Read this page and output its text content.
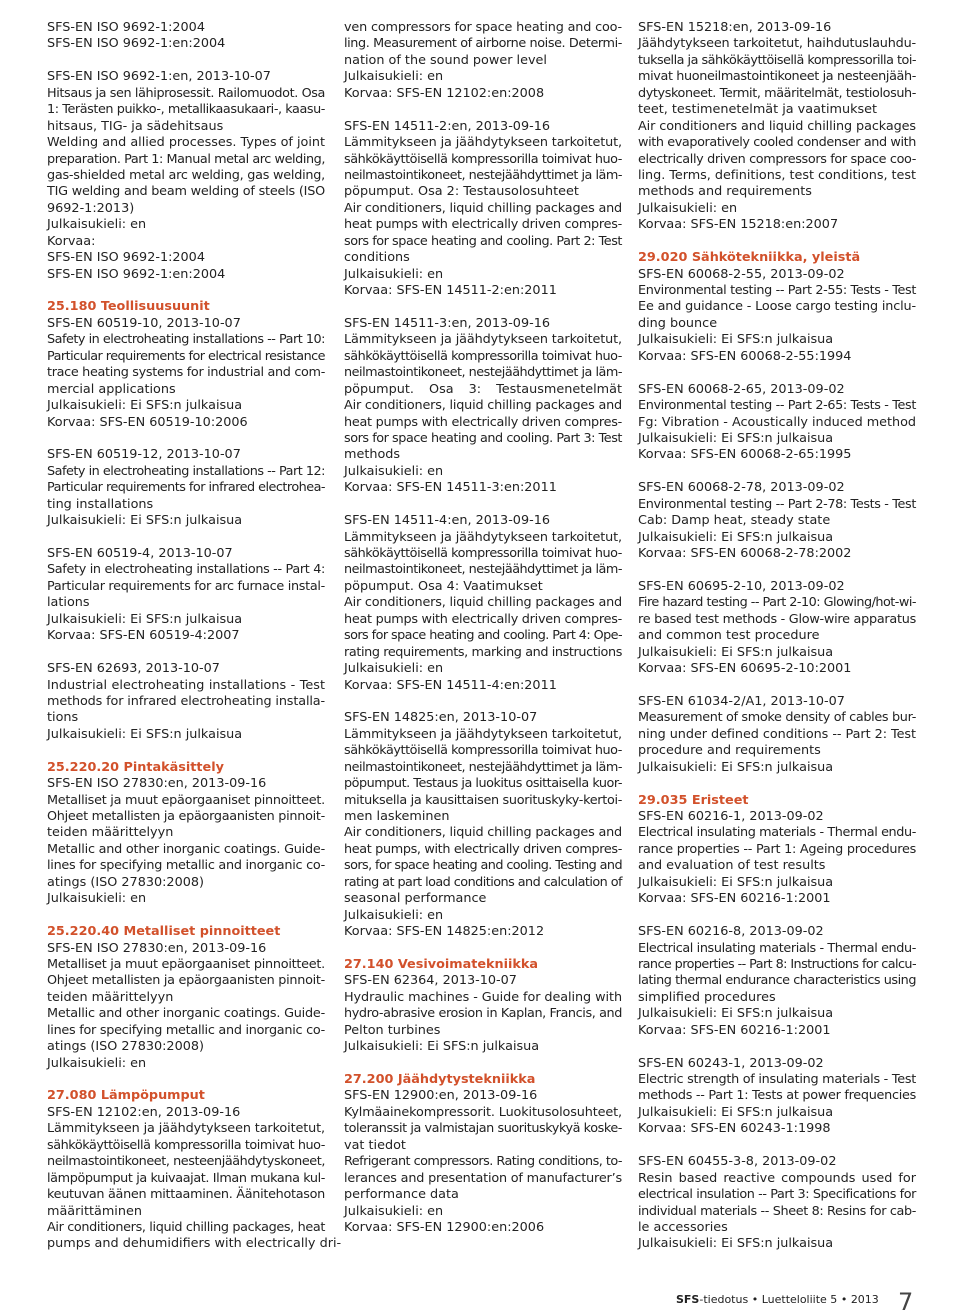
SFS-EN ISO 9692-1:2004
SFS-EN ISO 9692-1:en:2004
SFS-EN ISO 9692-1:en, 2013-10-07
Hitsaus ja sen lähiprosessit. Railomuodot. Osa
1: Terästen puikko-, metallikaasukaari-, kaasu-
hitsaus, TIG- ja sädehitsaus
Welding and allied processes. Types of joint
preparation. Part 1: Manual metal arc welding,
gas-shielded metal arc welding, gas welding,
TIG welding and beam welding of steels (ISO
9692-1:2013)
Julkaisukieli: en
Korvaa:
SFS-EN ISO 9692-1:2004
SFS-EN ISO 9692-1:en:2004
25.180 Teollisuusuunit
SFS-EN 60519-10, 2013-10-07
Safety in electroheating installations -- Part 10:
Particular requirements for electrical resistance
trace heating systems for industrial and com-
mercial applications
Julkaisukieli: Ei SFS:n julkaisua
Korvaa: SFS-EN 60519-10:2006
SFS-EN 60519-12, 2013-10-07
Safety in electroheating installations -- Part 12:
Particular requirements for infrared electrohea-
ting installations
Julkaisukieli: Ei SFS:n julkaisua
SFS-EN 60519-4, 2013-10-07
Safety in electroheating installations -- Part 4:
Particular requirements for arc furnace instal-
lations
Julkaisukieli: Ei SFS:n julkaisua
Korvaa: SFS-EN 60519-4:2007
SFS-EN 62693, 2013-10-07
Industrial electroheating installations - Test
methods for infrared electroheating installa-
tions
Julkaisukieli: Ei SFS:n julkaisua
25.220.20 Pintakäsittely
SFS-EN ISO 27830:en, 2013-09-16
Metalliset ja muut epäorgaaniset pinnoitteet.
Ohjeet metallisten ja epäorgaanisten pinnoit-
teiden määrittelyyn
Metallic and other inorganic coatings. Guide-
lines for specifying metallic and inorganic co-
atings (ISO 27830:2008)
Julkaisukieli: en
25.220.40 Metalliset pinnoitteet
SFS-EN ISO 27830:en, 2013-09-16
Metalliset ja muut epäorgaaniset pinnoitteet.
Ohjeet metallisten ja epäorgaanisten pinnoit-
teiden määrittelyyn
Metallic and other inorganic coatings. Guide-
lines for specifying metallic and inorganic co-
atings (ISO 27830:2008)
Julkaisukieli: en
27.080 Lämpöpumput
SFS-EN 12102:en, 2013-09-16
Lämmitykseen ja jäähdytykseen tarkoitetut,
sähkökäyttöisellä kompressorilla toimivat huo-
neilmastointikoneet, nesteenjäähdytyskoneet,
lämpöpumput ja kuivaajat. Ilman mukana kul-
keutuvan äänen mittaaminen. Äänitehotason
määrittäminen
Air conditioners, liquid chilling packages, heat
pumps and dehumidifiers with electrically dri-
ven compressors for space heating and coo-
ling. Measurement of airborne noise. Determi-
nation of the sound power level
Julkaisukieli: en
Korvaa: SFS-EN 12102:en:2008
SFS-EN 14511-2:en, 2013-09-16
Lämmitykseen ja jäähdytykseen tarkoitetut,
sähkökäyttöisellä kompressorilla toimivat huo-
neilmastointikoneet, nestejäähdyttimet ja läm-
pöpumput. Osa 2: Testausolosuhteet
Air conditioners, liquid chilling packages and
heat pumps with electrically driven compres-
sors for space heating and cooling. Part 2: Test
conditions
Julkaisukieli: en
Korvaa: SFS-EN 14511-2:en:2011
SFS-EN 14511-3:en, 2013-09-16
Lämmitykseen ja jäähdytykseen tarkoitetut,
sähkökäyttöisellä kompressorilla toimivat huo-
neilmastointikoneet, nestejäähdyttimet ja läm-
pöpumput. Osa 3: Testausmenetelmät
Air conditioners, liquid chilling packages and
heat pumps with electrically driven compres-
sors for space heating and cooling. Part 3: Test
methods
Julkaisukieli: en
Korvaa: SFS-EN 14511-3:en:2011
SFS-EN 14511-4:en, 2013-09-16
Lämmitykseen ja jäähdytykseen tarkoitetut,
sähkökäyttöisellä kompressorilla toimivat huo-
neilmastointikoneet, nestejäähdyttimet ja läm-
pöpumput. Osa 4: Vaatimukset
Air conditioners, liquid chilling packages and
heat pumps with electrically driven compres-
sors for space heating and cooling. Part 4: Ope-
rating requirements, marking and instructions
Julkaisukieli: en
Korvaa: SFS-EN 14511-4:en:2011
SFS-EN 14825:en, 2013-10-07
Lämmitykseen ja jäähdytykseen tarkoitetut,
sähkökäyttöisellä kompressorilla toimivat huo-
neilmastointikoneet, nestejäähdyttimet ja läm-
pöpumput. Testaus ja luokitus osittaisella kuor-
mituksella ja kausittaisen suorituskyky-kertoi-
men laskeminen
Air conditioners, liquid chilling packages and
heat pumps, with electrically driven compres-
sors, for space heating and cooling. Testing and
rating at part load conditions and calculation of
seasonal performance
Julkaisukieli: en
Korvaa: SFS-EN 14825:en:2012
27.140 Vesivoimatekniikka
SFS-EN 62364, 2013-10-07
Hydraulic machines - Guide for dealing with
hydro-abrasive erosion in Kaplan, Francis, and
Pelton turbines
Julkaisukieli: Ei SFS:n julkaisua
27.200 Jäähdytystekniikka
SFS-EN 12900:en, 2013-09-16
Kylmäainekompressorit. Luokitusolosuhteet,
toleranssit ja valmistajan suorituskykyä koske-
vat tiedot
Refrigerant compressors. Rating conditions, to-
lerances and presentation of manufacturer’s
performance data
Julkaisukieli: en
Korvaa: SFS-EN 12900:en:2006
SFS-EN 15218:en, 2013-09-16
Jäähdytykseen tarkoitetut, haihdutuslauhdu-
tuksella ja sähkökäyttöisellä kompressorilla toi-
mivat huoneilmastointikoneet ja nesteenjääh-
dytyskoneet. Termit, määritelmät, testiolosuh-
teet, testimenetelmät ja vaatimukset
Air conditioners and liquid chilling packages
with evaporatively cooled condenser and with
electrically driven compressors for space coo-
ling. Terms, definitions, test conditions, test
methods and requirements
Julkaisukieli: en
Korvaa: SFS-EN 15218:en:2007
29.020 Sähkötekniikka, yleistä
SFS-EN 60068-2-55, 2013-09-02
Environmental testing -- Part 2-55: Tests - Test
Ee and guidance - Loose cargo testing inclu-
ding bounce
Julkaisukieli: Ei SFS:n julkaisua
Korvaa: SFS-EN 60068-2-55:1994
SFS-EN 60068-2-65, 2013-09-02
Environmental testing -- Part 2-65: Tests - Test
Fg: Vibration - Acoustically induced method
Julkaisukieli: Ei SFS:n julkaisua
Korvaa: SFS-EN 60068-2-65:1995
SFS-EN 60068-2-78, 2013-09-02
Environmental testing -- Part 2-78: Tests - Test
Cab: Damp heat, steady state
Julkaisukieli: Ei SFS:n julkaisua
Korvaa: SFS-EN 60068-2-78:2002
SFS-EN 60695-2-10, 2013-09-02
Fire hazard testing -- Part 2-10: Glowing/hot-wi-
re based test methods - Glow-wire apparatus
and common test procedure
Julkaisukieli: Ei SFS:n julkaisua
Korvaa: SFS-EN 60695-2-10:2001
SFS-EN 61034-2/A1, 2013-10-07
Measurement of smoke density of cables bur-
ning under defined conditions -- Part 2: Test
procedure and requirements
Julkaisukieli: Ei SFS:n julkaisua
29.035 Eristeet
SFS-EN 60216-1, 2013-09-02
Electrical insulating materials - Thermal endu-
rance properties -- Part 1: Ageing procedures
and evaluation of test results
Julkaisukieli: Ei SFS:n julkaisua
Korvaa: SFS-EN 60216-1:2001
SFS-EN 60216-8, 2013-09-02
Electrical insulating materials - Thermal endu-
rance properties -- Part 8: Instructions for calcu-
lating thermal endurance characteristics using
simplified procedures
Julkaisukieli: Ei SFS:n julkaisua
Korvaa: SFS-EN 60216-1:2001
SFS-EN 60243-1, 2013-09-02
Electric strength of insulating materials - Test
methods -- Part 1: Tests at power frequencies
Julkaisukieli: Ei SFS:n julkaisua
Korvaa: SFS-EN 60243-1:1998
SFS-EN 60455-3-8, 2013-09-02
Resin based reactive compounds used for
electrical insulation -- Part 3: Specifications for
individual materials -- Sheet 8: Resins for cab-
le accessories
Julkaisukieli: Ei SFS:n julkaisua
SFS-tiedotus • Luetteloliite 5 • 2013 7
